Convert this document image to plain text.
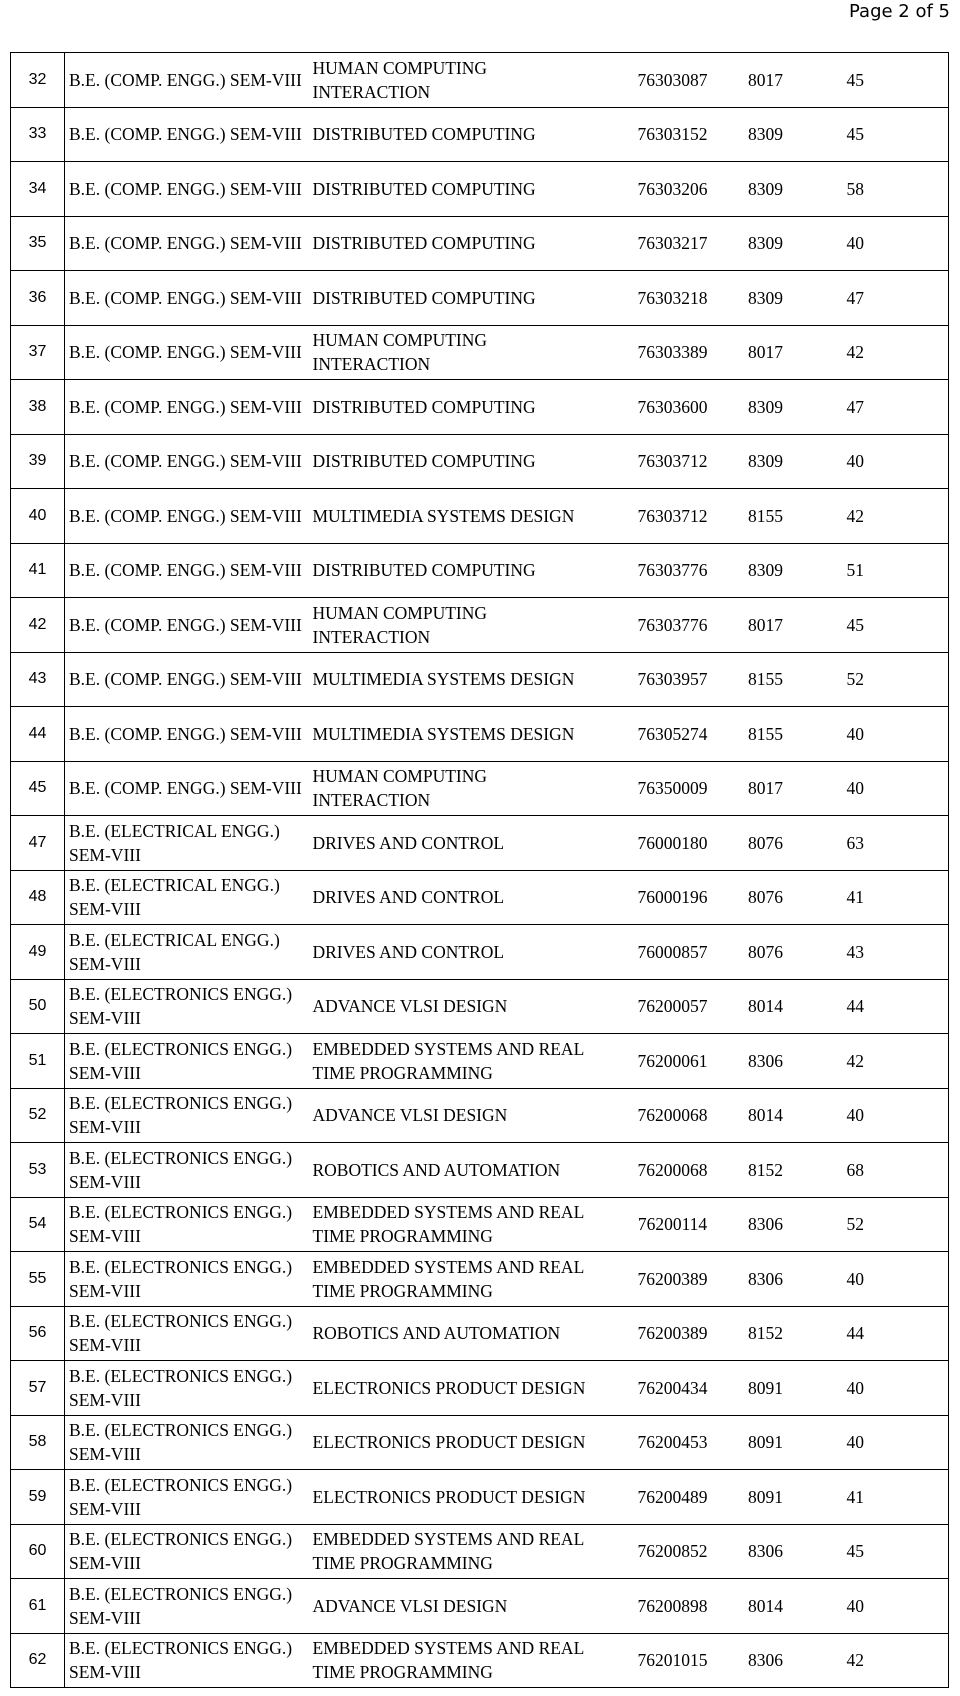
Page 2 of 5
32	B.E. (COMP. ENGG.) SEM-VIII	HUMAN COMPUTING INTERACTION	76303087	8017	45
33	B.E. (COMP. ENGG.) SEM-VIII	DISTRIBUTED COMPUTING	76303152	8309	45
34	B.E. (COMP. ENGG.) SEM-VIII	DISTRIBUTED COMPUTING	76303206	8309	58
35	B.E. (COMP. ENGG.) SEM-VIII	DISTRIBUTED COMPUTING	76303217	8309	40
36	B.E. (COMP. ENGG.) SEM-VIII	DISTRIBUTED COMPUTING	76303218	8309	47
37	B.E. (COMP. ENGG.) SEM-VIII	HUMAN COMPUTING INTERACTION	76303389	8017	42
38	B.E. (COMP. ENGG.) SEM-VIII	DISTRIBUTED COMPUTING	76303600	8309	47
39	B.E. (COMP. ENGG.) SEM-VIII	DISTRIBUTED COMPUTING	76303712	8309	40
40	B.E. (COMP. ENGG.) SEM-VIII	MULTIMEDIA SYSTEMS DESIGN	76303712	8155	42
41	B.E. (COMP. ENGG.) SEM-VIII	DISTRIBUTED COMPUTING	76303776	8309	51
42	B.E. (COMP. ENGG.) SEM-VIII	HUMAN COMPUTING INTERACTION	76303776	8017	45
43	B.E. (COMP. ENGG.) SEM-VIII	MULTIMEDIA SYSTEMS DESIGN	76303957	8155	52
44	B.E. (COMP. ENGG.) SEM-VIII	MULTIMEDIA SYSTEMS DESIGN	76305274	8155	40
45	B.E. (COMP. ENGG.) SEM-VIII	HUMAN COMPUTING INTERACTION	76350009	8017	40
47	B.E. (ELECTRICAL ENGG.) SEM-VIII	DRIVES AND CONTROL	76000180	8076	63
48	B.E. (ELECTRICAL ENGG.) SEM-VIII	DRIVES AND CONTROL	76000196	8076	41
49	B.E. (ELECTRICAL ENGG.) SEM-VIII	DRIVES AND CONTROL	76000857	8076	43
50	B.E. (ELECTRONICS ENGG.) SEM-VIII	ADVANCE VLSI DESIGN	76200057	8014	44
51	B.E. (ELECTRONICS ENGG.) SEM-VIII	EMBEDDED SYSTEMS AND REAL TIME PROGRAMMING	76200061	8306	42
52	B.E. (ELECTRONICS ENGG.) SEM-VIII	ADVANCE VLSI DESIGN	76200068	8014	40
53	B.E. (ELECTRONICS ENGG.) SEM-VIII	ROBOTICS AND AUTOMATION	76200068	8152	68
54	B.E. (ELECTRONICS ENGG.) SEM-VIII	EMBEDDED SYSTEMS AND REAL TIME PROGRAMMING	76200114	8306	52
55	B.E. (ELECTRONICS ENGG.) SEM-VIII	EMBEDDED SYSTEMS AND REAL TIME PROGRAMMING	76200389	8306	40
56	B.E. (ELECTRONICS ENGG.) SEM-VIII	ROBOTICS AND AUTOMATION	76200389	8152	44
57	B.E. (ELECTRONICS ENGG.) SEM-VIII	ELECTRONICS PRODUCT DESIGN	76200434	8091	40
58	B.E. (ELECTRONICS ENGG.) SEM-VIII	ELECTRONICS PRODUCT DESIGN	76200453	8091	40
59	B.E. (ELECTRONICS ENGG.) SEM-VIII	ELECTRONICS PRODUCT DESIGN	76200489	8091	41
60	B.E. (ELECTRONICS ENGG.) SEM-VIII	EMBEDDED SYSTEMS AND REAL TIME PROGRAMMING	76200852	8306	45
61	B.E. (ELECTRONICS ENGG.) SEM-VIII	ADVANCE VLSI DESIGN	76200898	8014	40
62	B.E. (ELECTRONICS ENGG.) SEM-VIII	EMBEDDED SYSTEMS AND REAL TIME PROGRAMMING	76201015	8306	42
